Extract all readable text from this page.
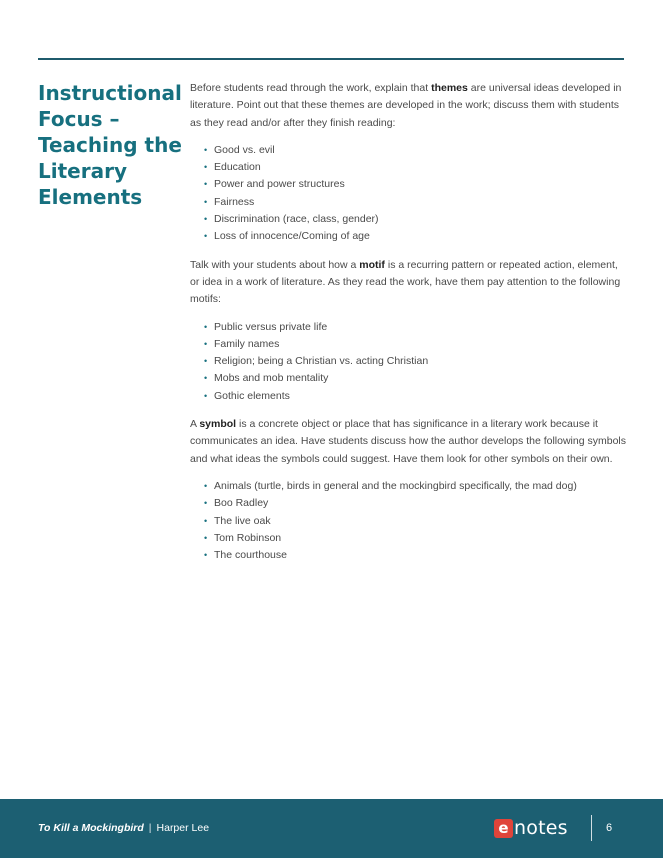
Instructional
Focus –
Teaching the
Literary
Elements

Before students read through the work, explain that themes are universal ideas developed in literature. Point out that these themes are developed in the work; discuss them with students as they read and/or after they finish reading:

• Good vs. evil
• Education
• Power and power structures
• Fairness
• Discrimination (race, class, gender)
• Loss of innocence/Coming of age

Talk with your students about how a motif is a recurring pattern or repeated action, element, or idea in a work of literature. As they read the work, have them pay attention to the following motifs:

• Public versus private life
• Family names
• Religion; being a Christian vs. acting Christian
• Mobs and mob mentality
• Gothic elements

A symbol is a concrete object or place that has significance in a literary work because it communicates an idea. Have students discuss how the author develops the following symbols and what ideas the symbols could suggest. Have them look for other symbols on their own.

• Animals (turtle, birds in general and the mockingbird specifically, the mad dog)
• Boo Radley
• The live oak
• Tom Robinson
• The courthouse
To Kill a Mockingbird | Harper Lee	e notes	6
